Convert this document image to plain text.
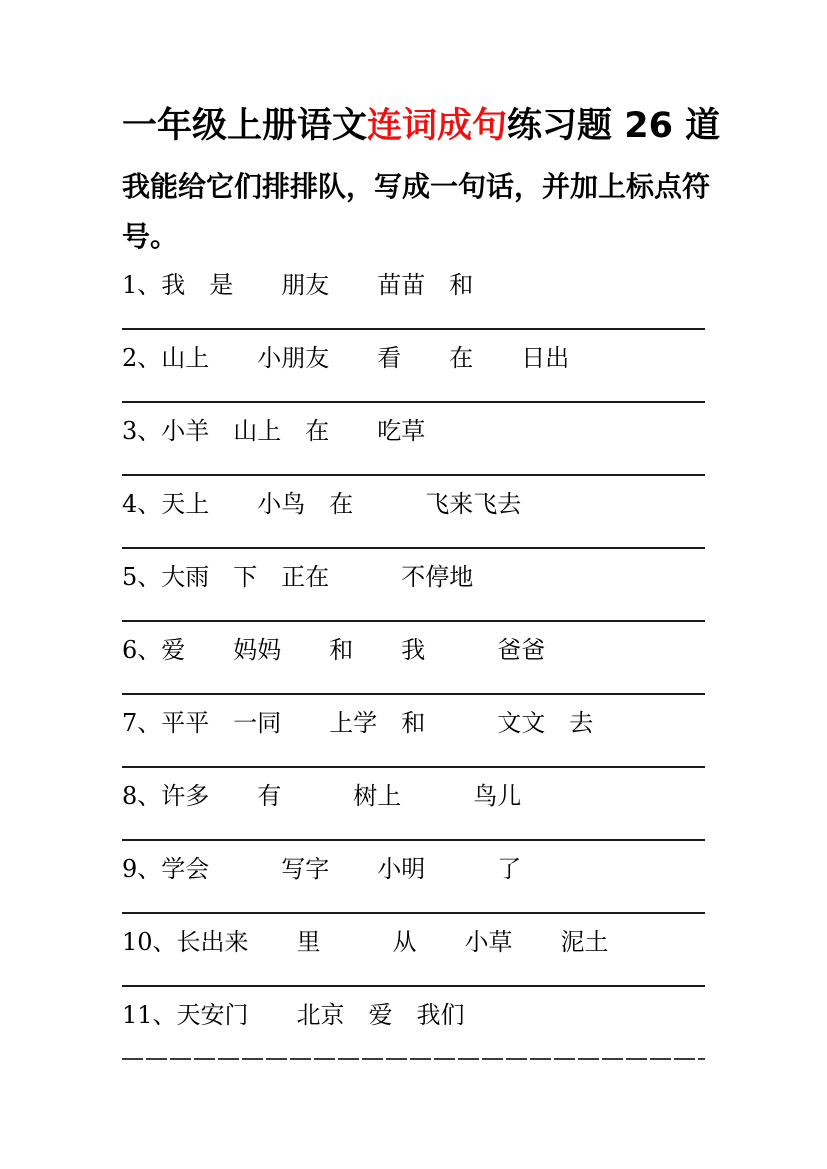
一年级上册语文连词成句练习题 26 道
我能给它们排排队，写成一句话，并加上标点符
号。
1、我　是　　朋友　　苗苗　和
2、山上　　小朋友　　看　　在　　日出
3、小羊　山上　在　　吃草
4、天上　　小鸟　在　　　飞来飞去
5、大雨　下　正在　　　不停地
6、爱　　妈妈　　和　　我　　　爸爸
7、平平　一同　　上学　和　　　文文　去
8、许多　　有　　　树上　　　鸟儿
9、学会　　　写字　　小明　　　了
10、长出来　　里　　　从　　小草　　泥土
11、天安门　　北京　爱　我们
